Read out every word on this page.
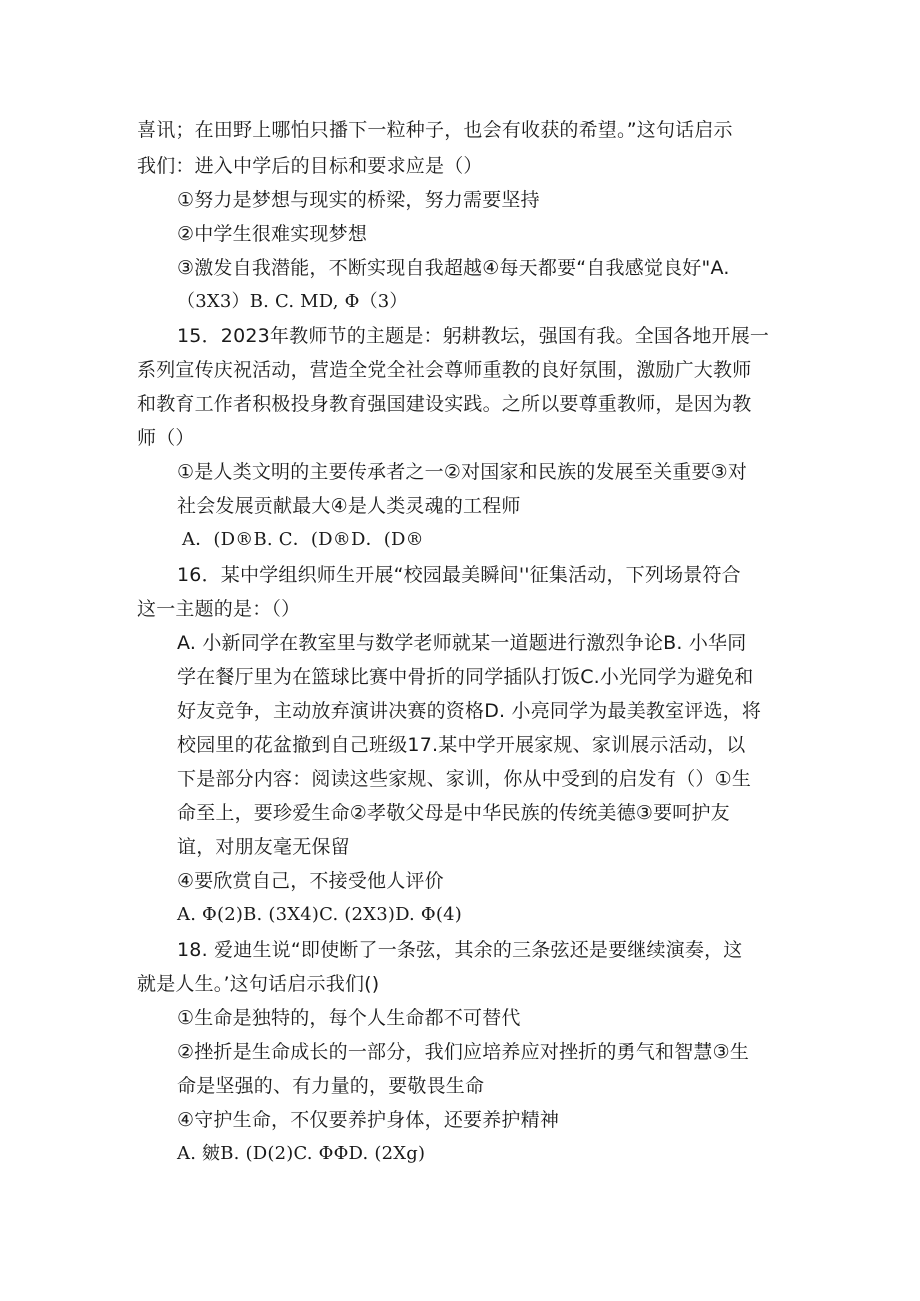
喜讯；在田野上哪怕只播下一粒种子，也会有收获的希望。”这句话启示
我们：进入中学后的目标和要求应是（）
①努力是梦想与现实的桥梁，努力需要坚持
②中学生很难实现梦想
③激发自我潜能，不断实现自我超越④每天都要“自我感觉良好"A.
（3X3）B. C. MD, Φ（3）
15．2023年教师节的主题是：躬耕教坛，强国有我。全国各地开展一
系列宣传庆祝活动，营造全党全社会尊师重教的良好氛围，激励广大教师
和教育工作者积极投身教育强国建设实践。之所以要尊重教师，是因为教
师（）
①是人类文明的主要传承者之一②对国家和民族的发展至关重要③对
社会发展贡献最大④是人类灵魂的工程师
A．(D®B. C．(D®D．(D®
16．某中学组织师生开展“校园最美瞬间''征集活动，下列场景符合
这一主题的是：（）
A. 小新同学在教室里与数学老师就某一道题进行激烈争论B. 小华同
学在餐厅里为在篮球比赛中骨折的同学插队打饭C.小光同学为避免和
好友竞争，主动放弃演讲决赛的资格D. 小亮同学为最美教室评选，将
校园里的花盆撤到自己班级17.某中学开展家规、家训展示活动，以
下是部分内容：阅读这些家规、家训，你从中受到的启发有（）①生
命至上，要珍爱生命②孝敬父母是中华民族的传统美德③要呵护友
谊，对朋友毫无保留
④要欣赏自己，不接受他人评价
A. Φ(2)B. (3X4)C. (2X3)D. Φ(4)
18. 爱迪生说“即使断了一条弦，其余的三条弦还是要继续演奏，这
就是人生。’这句话启示我们()
①生命是独特的，每个人生命都不可替代
②挫折是生命成长的一部分，我们应培养应对挫折的勇气和智慧③生
命是坚强的、有力量的，要敬畏生命
④守护生命，不仅要养护身体，还要养护精神
A. 皴B. (D(2)C. ΦΦD. (2Xg)
